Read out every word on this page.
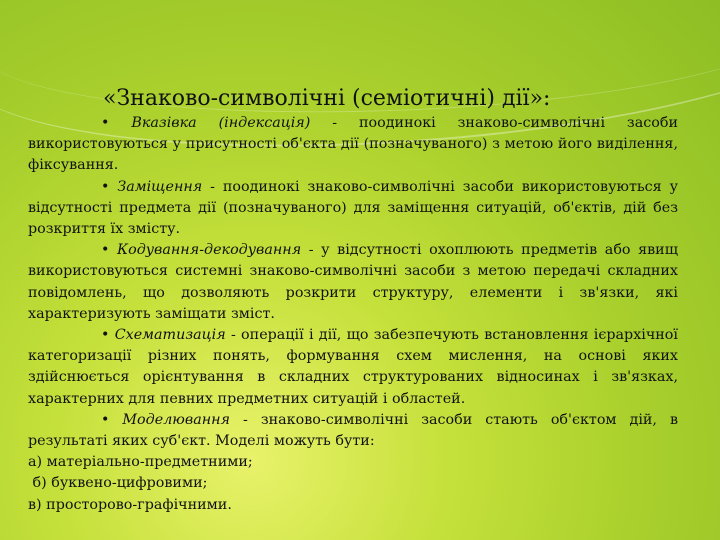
«Знаково-символічні (семіотичні) дії»:

• Вказівка (індексація) - поодинокі знаково-символічні засоби використовуються у присутності об'єкта дії (позначуваного) з метою його виділення, фіксування.

• Заміщення - поодинокі знаково-символічні засоби використовуються у відсутності предмета дії (позначуваного) для заміщення ситуацій, об'єктів, дій без розкриття їх змісту.

• Кодування-декодування - у відсутності охоплюють предметів або явищ використовуються системні знаково-символічні засоби з метою передачі складних повідомлень, що дозволяють розкрити структуру, елементи і зв'язки, які характеризують заміщати зміст.

• Схематизація - операції і дії, що забезпечують встановлення ієрархічної категоризації різних понять, формування схем мислення, на основі яких здійснюється орієнтування в складних структурованих відносинах і зв'язках, характерних для певних предметних ситуацій і областей.

• Моделювання - знаково-символічні засоби стають об'єктом дій, в результаті яких суб'єкт. Моделі можуть бути:

а) матеріально-предметними;

б) буквено-цифровими;

в) просторово-графічними.
